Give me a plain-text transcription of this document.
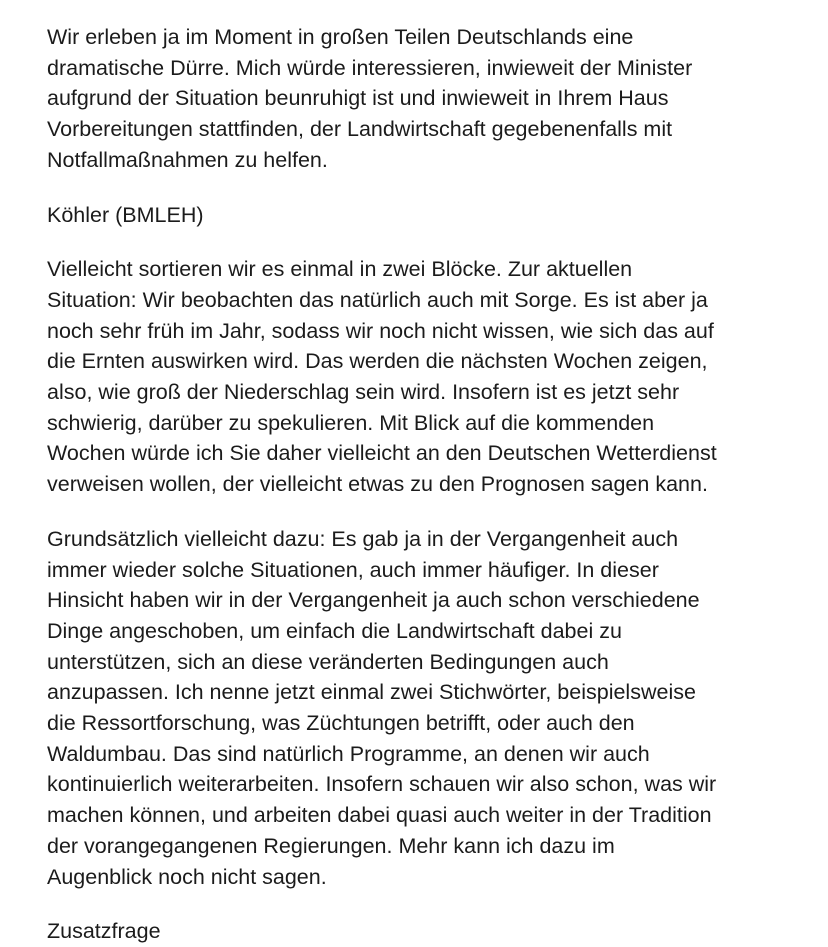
Wir erleben ja im Moment in großen Teilen Deutschlands eine
dramatische Dürre. Mich würde interessieren, inwieweit der Minister
aufgrund der Situation beunruhigt ist und inwieweit in Ihrem Haus
Vorbereitungen stattfinden, der Landwirtschaft gegebenenfalls mit
Notfallmaßnahmen zu helfen.
Köhler (BMLEH)
Vielleicht sortieren wir es einmal in zwei Blöcke. Zur aktuellen
Situation: Wir beobachten das natürlich auch mit Sorge. Es ist aber ja
noch sehr früh im Jahr, sodass wir noch nicht wissen, wie sich das auf
die Ernten auswirken wird. Das werden die nächsten Wochen zeigen,
also, wie groß der Niederschlag sein wird. Insofern ist es jetzt sehr
schwierig, darüber zu spekulieren. Mit Blick auf die kommenden
Wochen würde ich Sie daher vielleicht an den Deutschen Wetterdienst
verweisen wollen, der vielleicht etwas zu den Prognosen sagen kann.
Grundsätzlich vielleicht dazu: Es gab ja in der Vergangenheit auch
immer wieder solche Situationen, auch immer häufiger. In dieser
Hinsicht haben wir in der Vergangenheit ja auch schon verschiedene
Dinge angeschoben, um einfach die Landwirtschaft dabei zu
unterstützen, sich an diese veränderten Bedingungen auch
anzupassen. Ich nenne jetzt einmal zwei Stichwörter, beispielsweise
die Ressortforschung, was Züchtungen betrifft, oder auch den
Waldumbau. Das sind natürlich Programme, an denen wir auch
kontinuierlich weiterarbeiten. Insofern schauen wir also schon, was wir
machen können, und arbeiten dabei quasi auch weiter in der Tradition
der vorangegangenen Regierungen. Mehr kann ich dazu im
Augenblick noch nicht sagen.
Zusatzfrage
